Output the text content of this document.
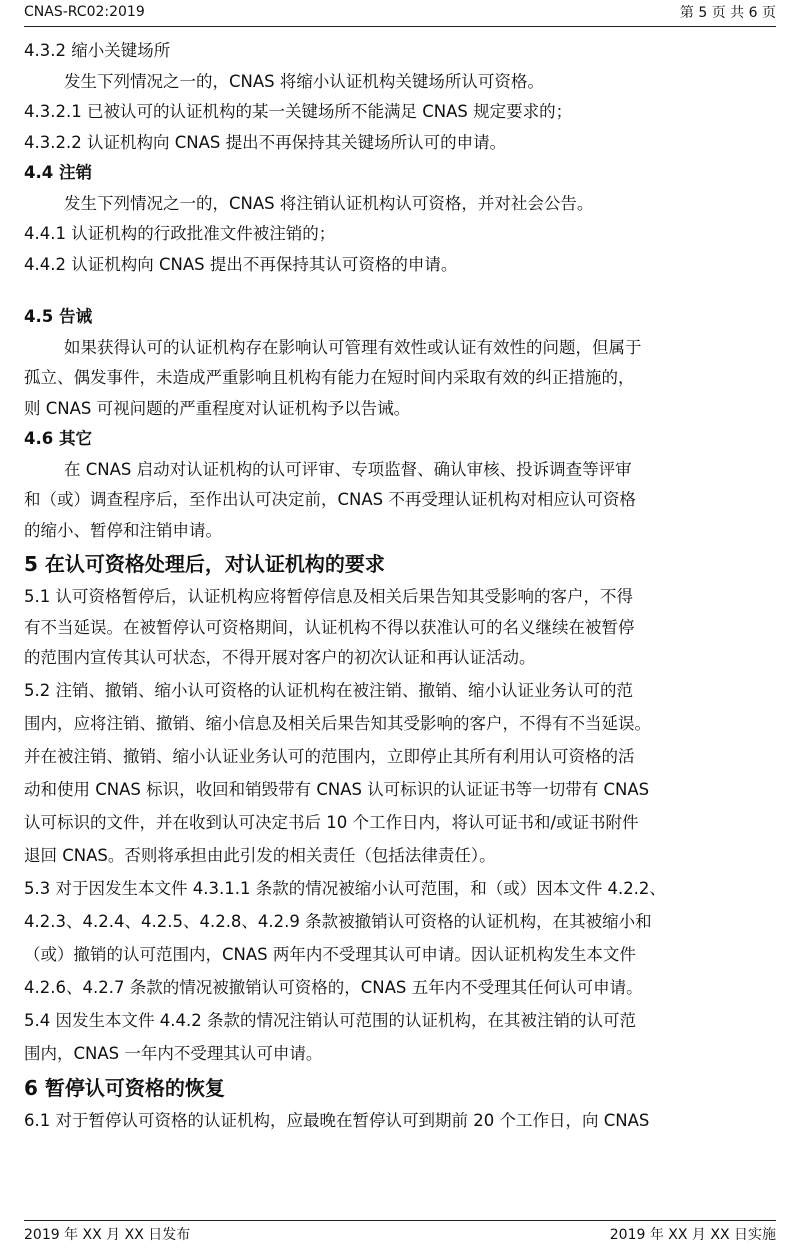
CNAS-RC02:2019	第 5 页 共 6 页
4.3.2 缩小关键场所
发生下列情况之一的，CNAS 将缩小认证机构关键场所认可资格。
4.3.2.1 已被认可的认证机构的某一关键场所不能满足 CNAS 规定要求的；
4.3.2.2 认证机构向 CNAS 提出不再保持其关键场所认可的申请。
4.4 注销
发生下列情况之一的，CNAS 将注销认证机构认可资格，并对社会公告。
4.4.1 认证机构的行政批准文件被注销的；
4.4.2 认证机构向 CNAS 提出不再保持其认可资格的申请。
4.5 告诫
如果获得认可的认证机构存在影响认可管理有效性或认证有效性的问题，但属于
孤立、偶发事件，未造成严重影响且机构有能力在短时间内采取有效的纠正措施的，
则 CNAS 可视问题的严重程度对认证机构予以告诫。
4.6 其它
在 CNAS 启动对认证机构的认可评审、专项监督、确认审核、投诉调查等评审
和（或）调查程序后，至作出认可决定前，CNAS 不再受理认证机构对相应认可资格
的缩小、暂停和注销申请。
5 在认可资格处理后，对认证机构的要求
5.1 认可资格暂停后，认证机构应将暂停信息及相关后果告知其受影响的客户，不得
有不当延误。在被暂停认可资格期间，认证机构不得以获准认可的名义继续在被暂停
的范围内宣传其认可状态，不得开展对客户的初次认证和再认证活动。
5.2 注销、撤销、缩小认可资格的认证机构在被注销、撤销、缩小认证业务认可的范
围内，应将注销、撤销、缩小信息及相关后果告知其受影响的客户，不得有不当延误。
并在被注销、撤销、缩小认证业务认可的范围内，立即停止其所有利用认可资格的活
动和使用 CNAS 标识，收回和销毁带有 CNAS 认可标识的认证证书等一切带有 CNAS
认可标识的文件，并在收到认可决定书后 10 个工作日内，将认可证书和/或证书附件
退回 CNAS。否则将承担由此引发的相关责任（包括法律责任）。
5.3 对于因发生本文件 4.3.1.1 条款的情况被缩小认可范围，和（或）因本文件 4.2.2、
4.2.3、4.2.4、4.2.5、4.2.8、4.2.9 条款被撤销认可资格的认证机构，在其被缩小和
（或）撤销的认可范围内，CNAS 两年内不受理其认可申请。因认证机构发生本文件
4.2.6、4.2.7 条款的情况被撤销认可资格的，CNAS 五年内不受理其任何认可申请。
5.4 因发生本文件 4.4.2 条款的情况注销认可范围的认证机构，在其被注销的认可范
围内，CNAS 一年内不受理其认可申请。
6 暂停认可资格的恢复
6.1 对于暂停认可资格的认证机构，应最晚在暂停认可到期前 20 个工作日，向 CNAS
2019 年 XX 月 XX 日发布	2019 年 XX 月 XX 日实施
